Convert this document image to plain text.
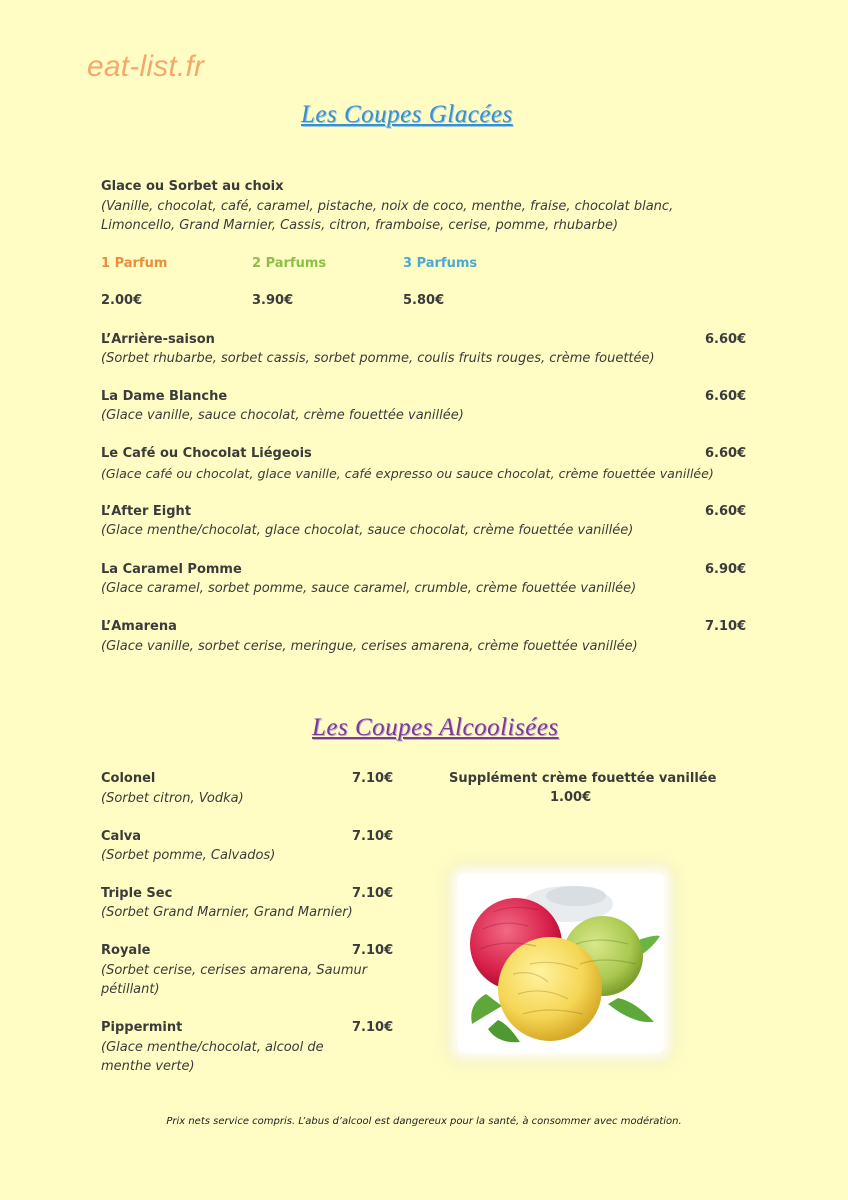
eat-list.fr
Les Coupes Glacées
Glace ou Sorbet au choix
(Vanille, chocolat, café, caramel, pistache, noix de coco, menthe, fraise, chocolat blanc, Limoncello, Grand Marnier, Cassis, citron, framboise, cerise, pomme, rhubarbe)
1 Parfum	2 Parfums	3 Parfums
2.00€	3.90€	5.80€
L’Arrière-saison	6.60€
(Sorbet rhubarbe, sorbet cassis, sorbet pomme, coulis fruits rouges, crème fouettée)
La Dame Blanche	6.60€
(Glace vanille, sauce chocolat, crème fouettée vanillée)
Le Café ou Chocolat Liégeois	6.60€
(Glace café ou chocolat, glace vanille, café expresso ou sauce chocolat, crème fouettée vanillée)
L’After Eight	6.60€
(Glace menthe/chocolat, glace chocolat, sauce chocolat, crème fouettée vanillée)
La Caramel Pomme	6.90€
(Glace caramel, sorbet pomme, sauce caramel, crumble, crème fouettée vanillée)
L’Amarena	7.10€
(Glace vanille, sorbet cerise, meringue, cerises amarena, crème fouettée vanillée)
Les Coupes Alcoolisées
Colonel	7.10€
(Sorbet citron, Vodka)
Calva	7.10€
(Sorbet pomme, Calvados)
Triple Sec	7.10€
(Sorbet Grand Marnier, Grand Marnier)
Royale	7.10€
(Sorbet cerise, cerises amarena, Saumur pétillant)
Pippermint	7.10€
(Glace menthe/chocolat, alcool de menthe verte)
Supplément crème fouettée vanillée
1.00€
Prix nets service compris. L’abus d’alcool est dangereux pour la santé, à consommer avec modération.
